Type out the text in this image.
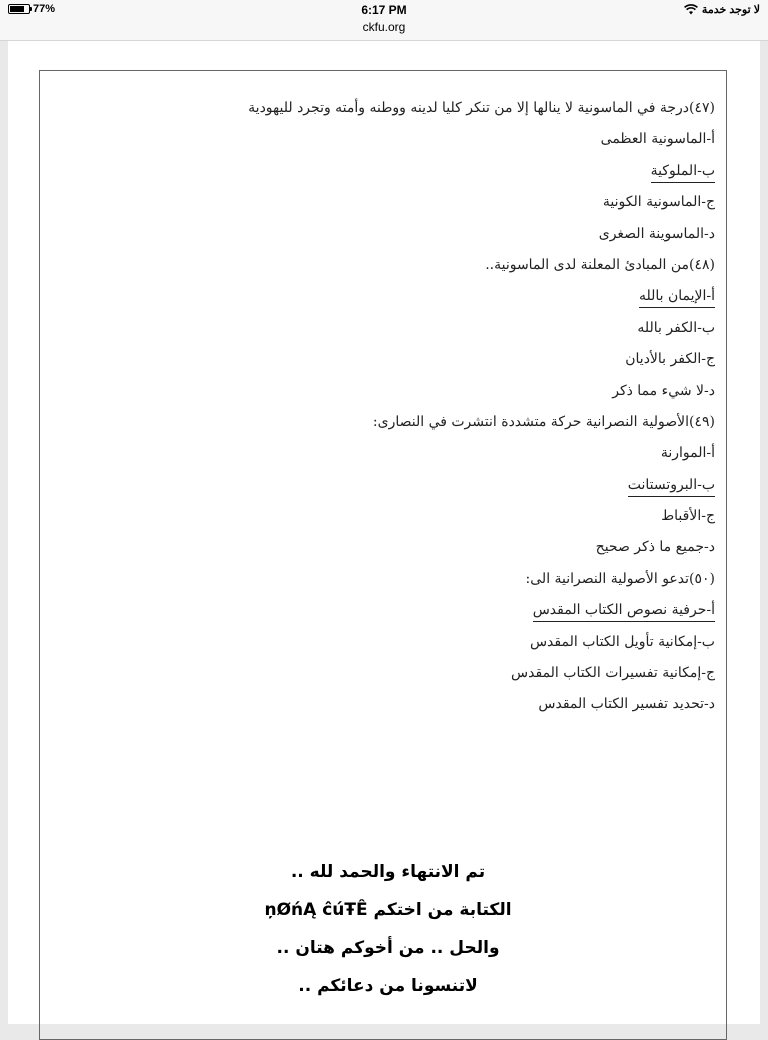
77%	6:17 PM
ckfu.org
لا توجد خدمة
(٤٧)درجة في الماسونية لا ينالها إلا من تنكر كليا لدينه ووطنه وأمته وتجرد لليهودية
أ-الماسونية العظمى
ب-الملوكية
ج-الماسونية الكونية
د-الماسوينة الصغرى
(٤٨)من المبادئ المعلنة لدى الماسونية..
أ-الإيمان بالله
ب-الكفر بالله
ج-الكفر بالأديان
د-لا شيء مما ذكر
(٤٩)الأصولية النصرانية حركة متشددة انتشرت في النصارى:
أ-الموارنة
ب-البروتستانت
ج-الأقباط
د-جميع ما ذكر صحيح
(٥٠)تدعو الأصولية النصرانية الى:
أ-حرفية نصوص الكتاب المقدس
ب-إمكانية تأويل الكتاب المقدس
ج-إمكانية تفسيرات الكتاب المقدس
د-تحديد تفسير الكتاب المقدس
تم الانتهاء والحمد لله ..
الكتابة من اختكم ņØńĄ ĉúŦÊ
والحل .. من أخوكم هتان ..
لاتنسونا من دعائكم ..
